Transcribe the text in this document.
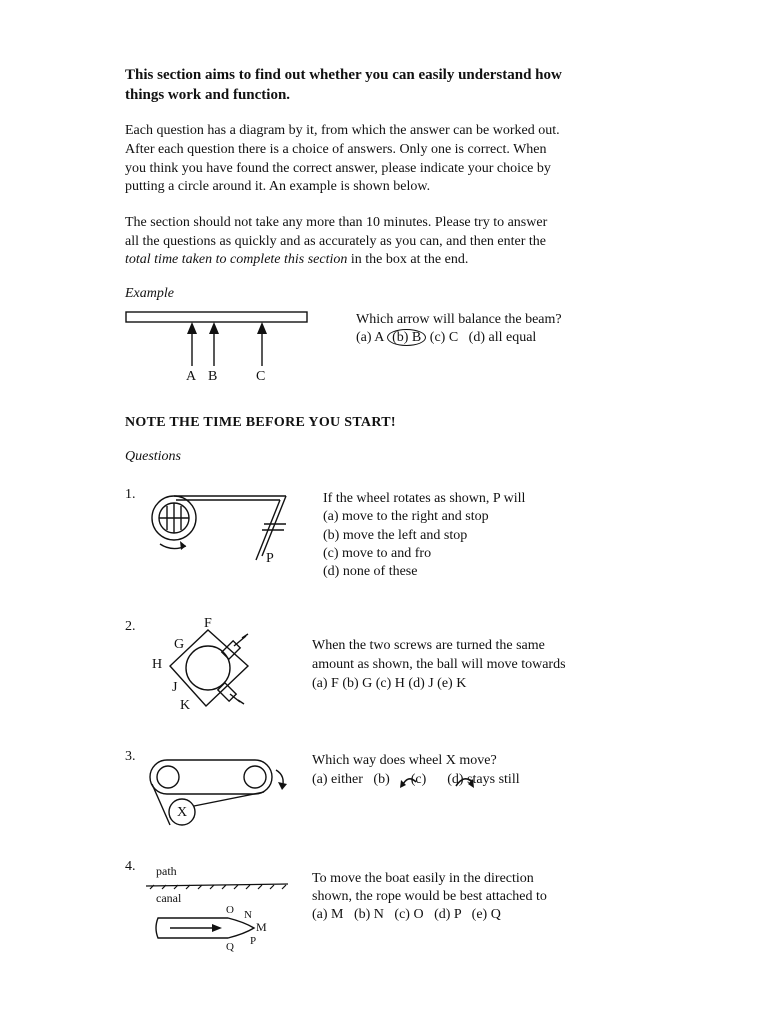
This section aims to find out whether you can easily understand how
things work and function.
Each question has a diagram by it, from which the answer can be worked out.
After each question there is a choice of answers. Only one is correct. When
you think you have found the correct answer, please indicate your choice by
putting a circle around it. An example is shown below.
The section should not take any more than 10 minutes. Please try to answer
all the questions as quickly and as accurately as you can, and then enter the
total time taken to complete this section in the box at the end.
Example
A B	C
Which arrow will balance the beam?
(a) A (b) B (c) C   (d) all equal
NOTE THE TIME BEFORE YOU START!
Questions
1.
P
If the wheel rotates as shown, P will
(a) move to the right and stop
(b) move the left and stop
(c) move to and fro
(d) none of these
2.	F
G
H
J
K
When the two screws are turned the same
amount as shown, the ball will move towards
(a) F (b) G (c) H (d) J (e) K
3.
X
Which way does wheel X move?
(a) either   (b)      (c)      (d) stays still
4. path
canal
O N
M
P
Q
To move the boat easily in the direction
shown, the rope would be best attached to
(a) M   (b) N   (c) O   (d) P   (e) Q
